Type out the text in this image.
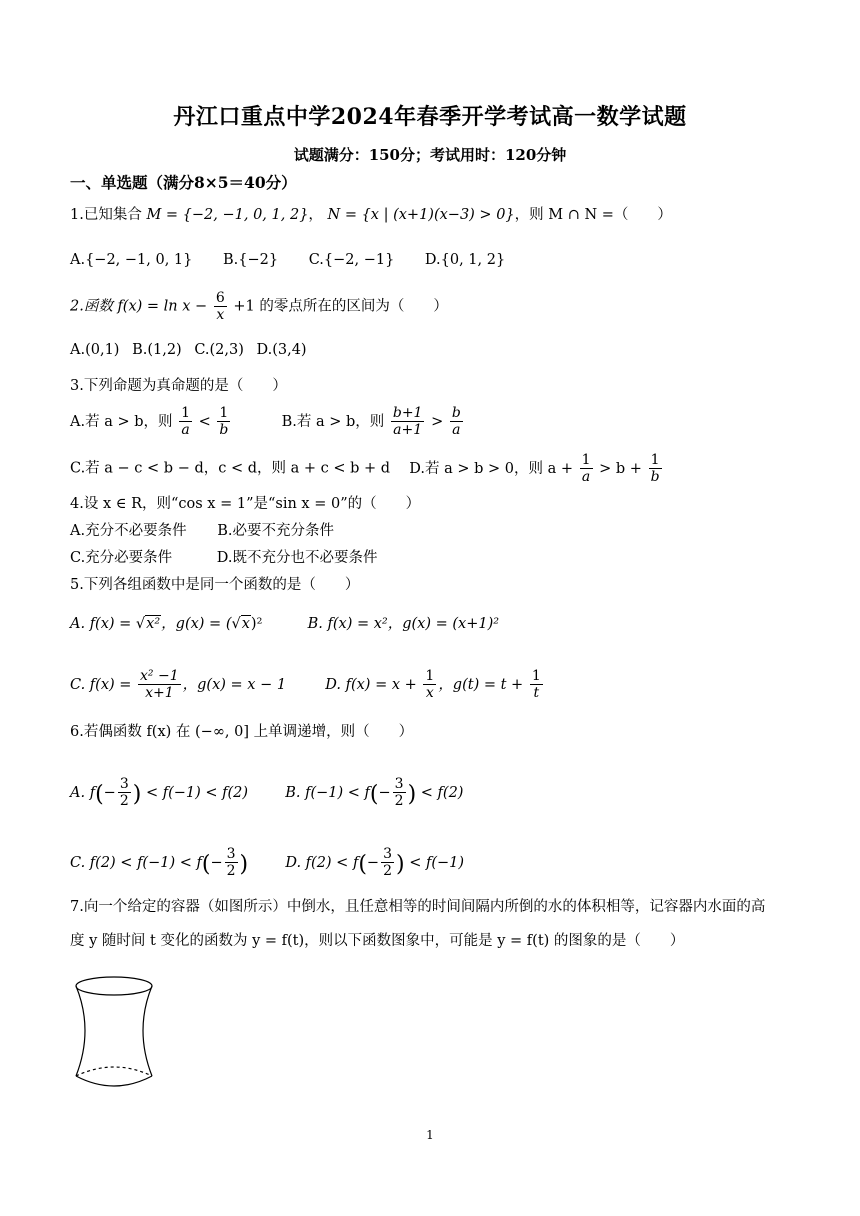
丹江口重点中学2024年春季开学考试高一数学试题
试题满分：150分；考试用时：120分钟
一、单选题（满分8×5＝40分）
1.已知集合 M = {−2, −1, 0, 1, 2}， N = {x | (x+1)(x−3) > 0}，则 M ∩ N =（　　）
A.{−2, −1, 0, 1} B.{−2} C.{−2, −1} D.{0, 1, 2}
2.函数 $f(x) = \ln x - \frac{6}{x} +1$ 的零点所在的区间为（　　）
A.(0,1) B.(1,2) C.(2,3) D.(3,4)
3.下列命题为真命题的是（　　）
A.若 a > b，则 $\frac{1}{a} < \frac{1}{b}$	B.若 a > b，则 $\frac{b+1}{a+1} > \frac{b}{a}$
C.若 a − c < b − d，c < d，则 a + c < b + d D.若 a > b > 0，则 $a + \frac{1}{a} > b + \frac{1}{b}$
4.设 x ∈ R，则“cos x = 1”是“sin x = 0”的（　　）
A.充分不必要条件 B.必要不充分条件
C.充分必要条件	D.既不充分也不必要条件
5.下列各组函数中是同一个函数的是（　　）
A. f(x) = √x²，g(x) = (√x)²	B. f(x) = x²，g(x) = (x+1)²
C. $f(x) = \frac{\text{x² −1}}{x+1}$ ，g(x) = x − 1	D. $f(x) = x + \frac{1}{x}$ ，$g(t) = t + \frac{1}{t}$
6.若偶函数 f(x) 在 (−∞, 0] 上单调递增，则（　　）
A. $f(- \frac{3}{2}$ ) < f(−1) < f(2)	B. $f(-1) < f(- \frac{3}{2}$ ) < f(2)
C. $f(2) < f(-1) < f(- \frac{3}{2}$ )	D. $f(2) < f(- \frac{3}{2}$ ) < f(−1)
7.向一个给定的容器（如图所示）中倒水，且任意相等的时间间隔内所倒的水的体积相等，记容器内水面的高
度 y 随时间 t 变化的函数为 y = f(t)，则以下函数图象中，可能是 y = f(t) 的图象的是（　　）
1
